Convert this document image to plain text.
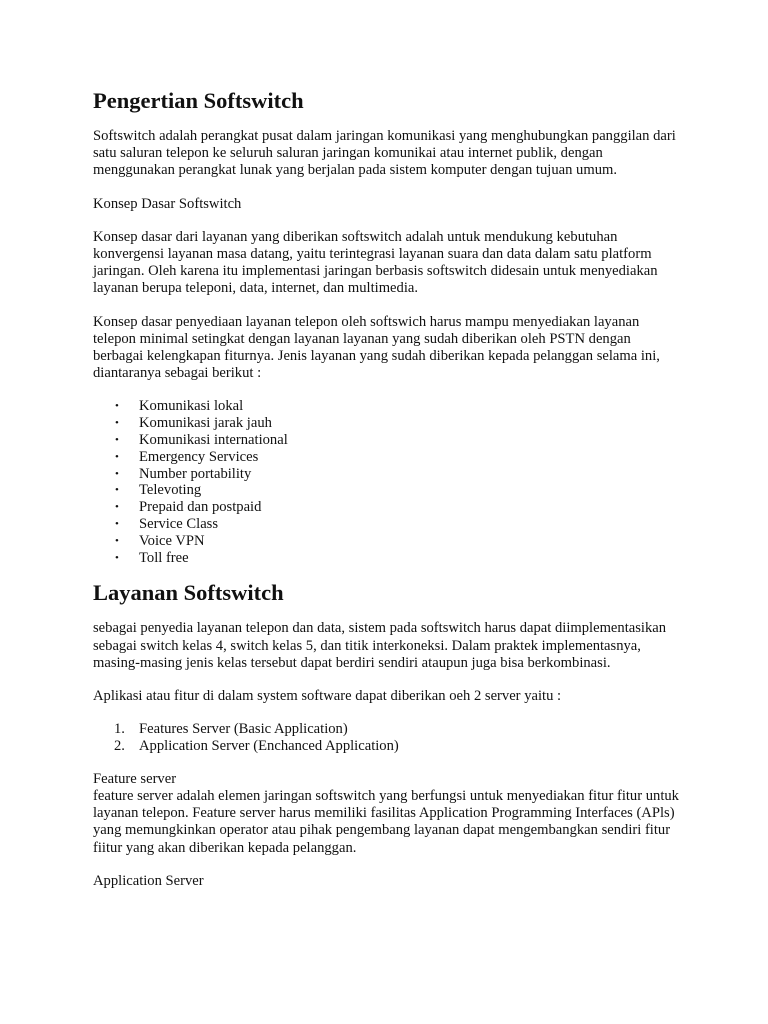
Pengertian Softswitch

Softswitch adalah perangkat pusat dalam jaringan komunikasi yang menghubungkan panggilan dari satu saluran telepon ke seluruh saluran jaringan komunikai atau internet publik, dengan menggunakan perangkat lunak yang berjalan pada sistem komputer dengan tujuan umum.

Konsep Dasar Softswitch

Konsep dasar dari layanan yang diberikan softswitch adalah untuk mendukung kebutuhan konvergensi layanan masa datang, yaitu terintegrasi layanan suara dan data dalam satu platform jaringan. Oleh karena itu implementasi jaringan berbasis softswitch didesain untuk menyediakan layanan berupa teleponi, data, internet, dan multimedia.

Konsep dasar penyediaan layanan telepon oleh softswich harus mampu menyediakan layanan telepon minimal setingkat dengan layanan layanan yang sudah diberikan oleh PSTN dengan berbagai kelengkapan fiturnya. Jenis layanan yang sudah diberikan kepada pelanggan selama ini, diantaranya sebagai berikut :

• Komunikasi lokal
• Komunikasi jarak jauh
• Komunikasi international
• Emergency Services
• Number portability
• Televoting
• Prepaid dan postpaid
• Service Class
• Voice VPN
• Toll free
Layanan Softswitch

sebagai penyedia layanan telepon dan data, sistem pada softswitch harus dapat diimplementasikan sebagai switch kelas 4, switch kelas 5, dan titik interkoneksi. Dalam praktek implementasnya, masing-masing jenis kelas tersebut dapat berdiri sendiri ataupun juga bisa berkombinasi.

Aplikasi atau fitur di dalam system software dapat diberikan oeh 2 server yaitu :

1. Features Server (Basic Application)
2. Application Server (Enchanced Application)

Feature server

feature server adalah elemen jaringan softswitch yang berfungsi untuk menyediakan fitur fitur untuk layanan telepon. Feature server harus memiliki fasilitas Application Programming Interfaces (APls) yang memungkinkan operator atau pihak pengembang layanan dapat mengembangkan sendiri fitur fiitur yang akan diberikan kepada pelanggan.

Application Server
